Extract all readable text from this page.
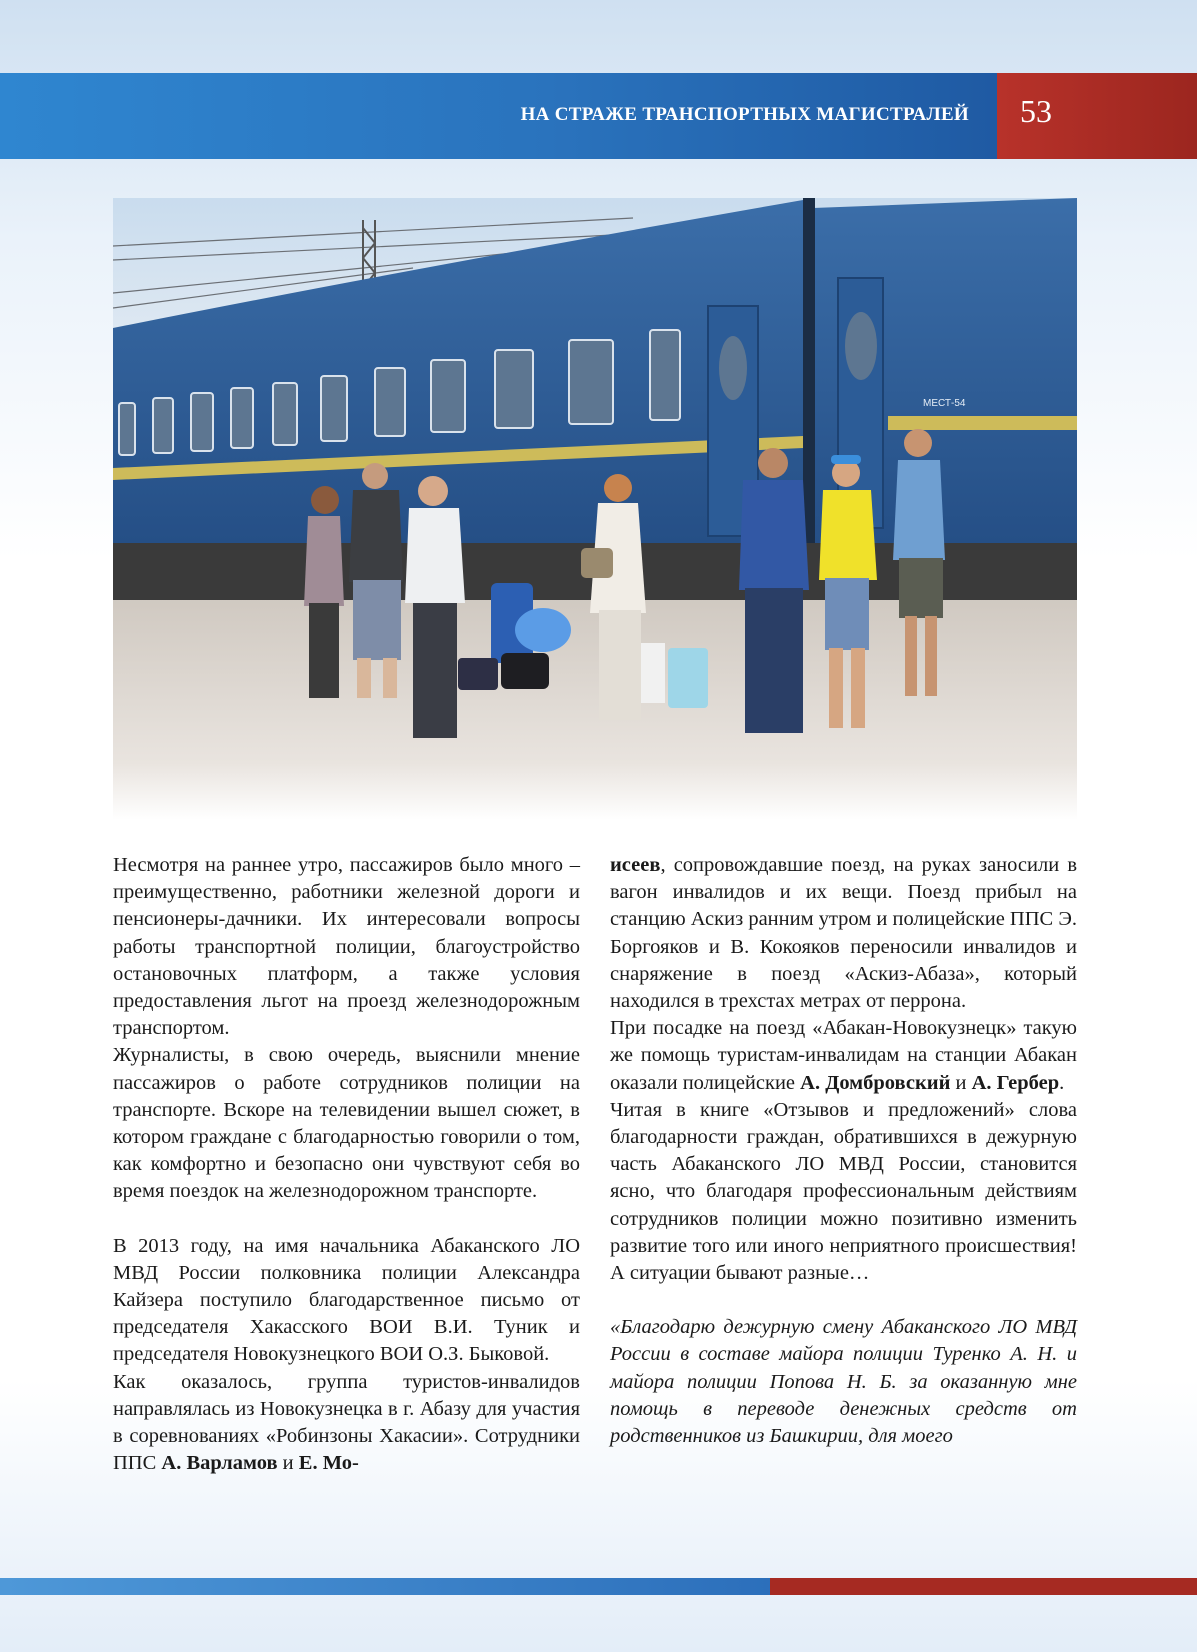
НА СТРАЖЕ ТРАНСПОРТНЫХ МАГИСТРАЛЕЙ 53
МЕСТ-54

Несмотря на раннее утро, пассажиров было много – преимущественно, работники железной дороги и пенсионеры-дачники. Их интересовали вопросы работы транспортной полиции, благоустройство остановочных платформ, а также условия предоставления льгот на проезд железнодорожным транспортом.

Журналисты, в свою очередь, выяснили мнение пассажиров о работе сотрудников полиции на транспорте. Вскоре на телевидении вышел сюжет, в котором граждане с благодарностью говорили о том, как комфортно и безопасно они чувствуют себя во время поездок на железнодорожном транспорте.

В 2013 году, на имя начальника Абаканского ЛО МВД России полковника полиции Александра Кайзера поступило благодарственное письмо от председателя Хакасского ВОИ В.И. Туник и председателя Новокузнецкого ВОИ О.З. Быковой.

Как оказалось, группа туристов-инвалидов направлялась из Новокузнецка в г. Абазу для участия в соревнованиях «Робинзоны Хакасии». Сотрудники ППС А. Варламов и Е. Мо-

исеев, сопровождавшие поезд, на руках заносили в вагон инвалидов и их вещи. Поезд прибыл на станцию Аскиз ранним утром и полицейские ППС Э. Боргояков и В. Кокояков переносили инвалидов и снаряжение в поезд «Аскиз-Абаза», который находился в трехстах метрах от перрона.

При посадке на поезд «Абакан-Новокузнецк» такую же помощь туристам-инвалидам на станции Абакан оказали полицейские А. Домбровский и А. Гербер.

Читая в книге «Отзывов и предложений» слова благодарности граждан, обратившихся в дежурную часть Абаканского ЛО МВД России, становится ясно, что благодаря профессиональным действиям сотрудников полиции можно позитивно изменить развитие того или иного неприятного происшествия! А ситуации бывают разные…

«Благодарю дежурную смену Абаканского ЛО МВД России в составе майора полиции Туренко А. Н. и майора полиции Попова Н. Б. за оказанную мне помощь в переводе денежных средств от родственников из Башкирии, для моего
